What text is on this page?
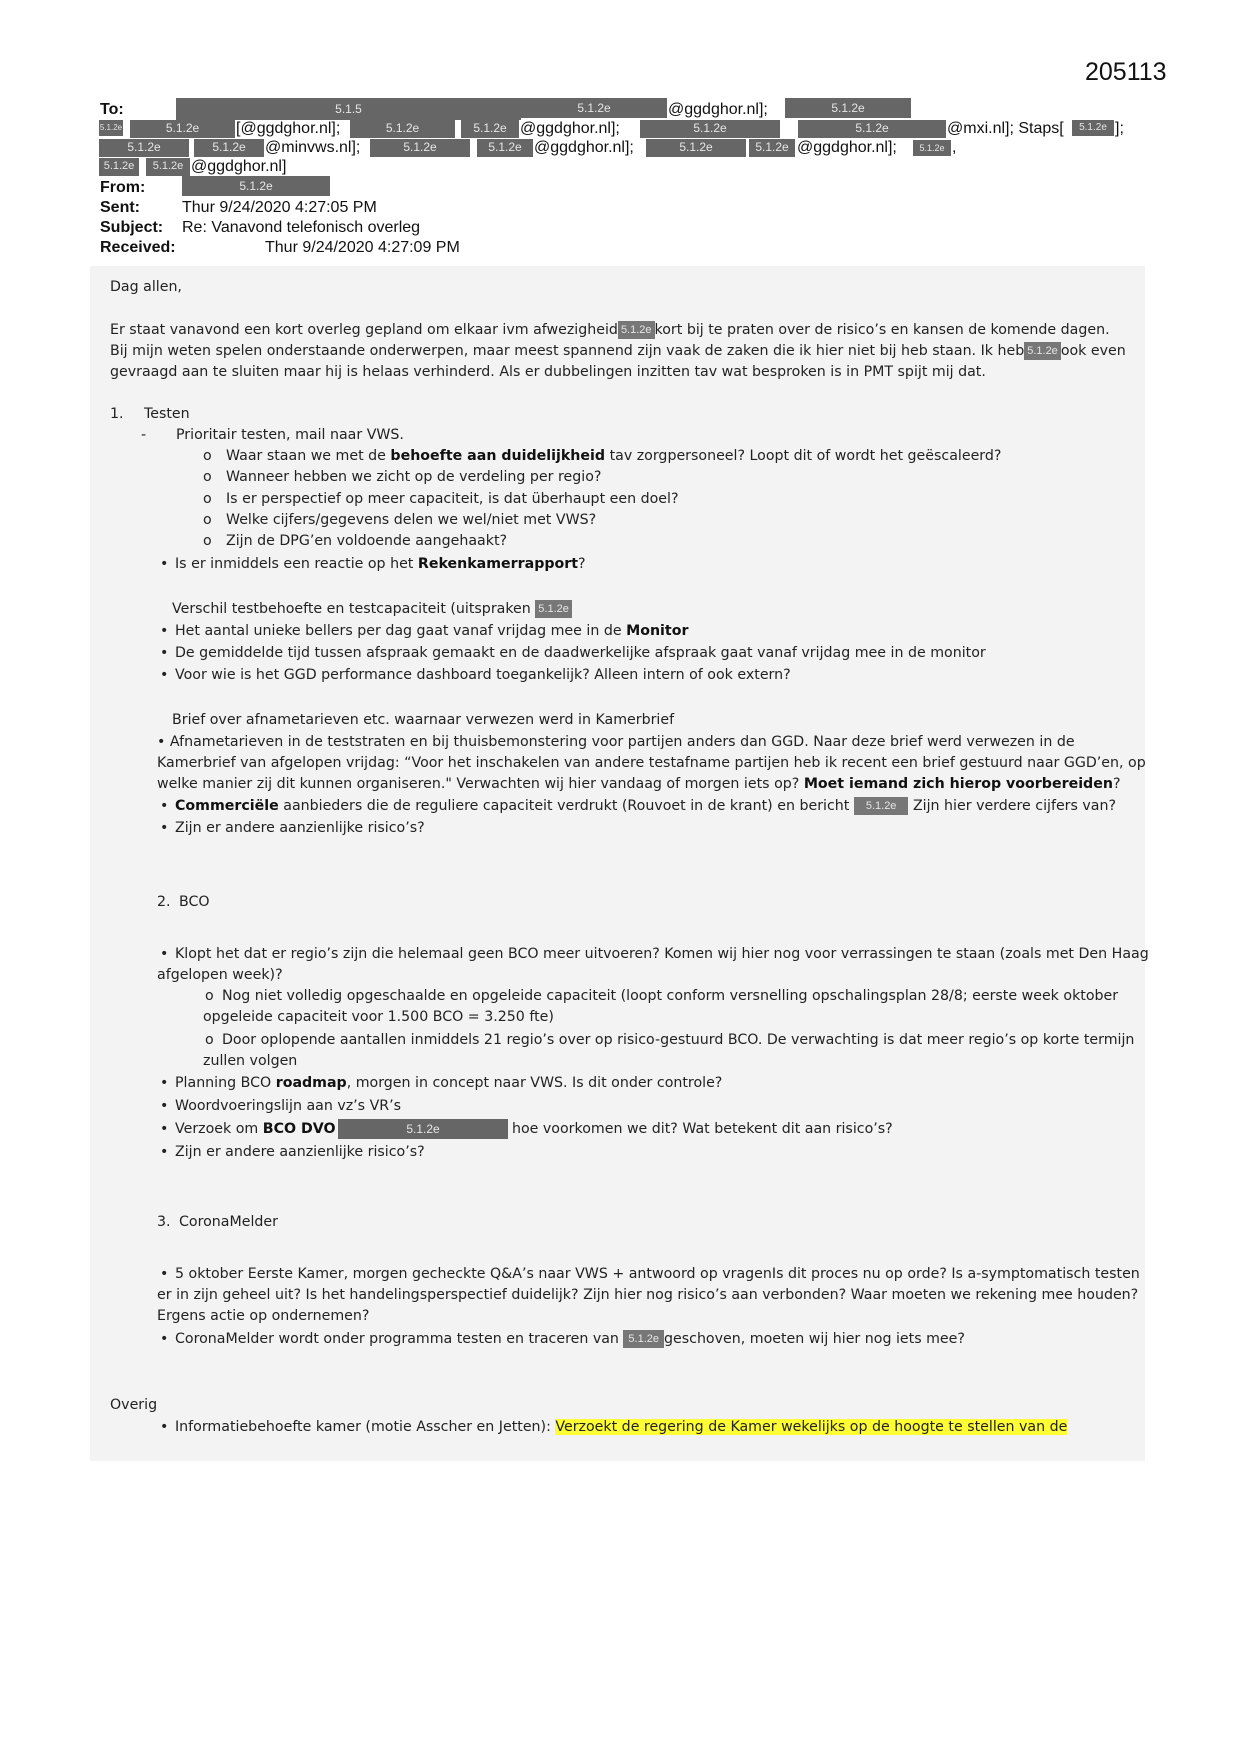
205113
To:	5.1.5	5.1.2e	@ggdghor.nl];	5.1.2e
5.1.2e	5.1.2e	[@ggdghor.nl];	5.1.2e	5.1.2e @ggdghor.nl];	5.1.2e	5.1.2e	@mxi.nl]; Staps[	5.1.2e ];
5.1.2e	5.1.2e	@minvws.nl];	5.1.2e	5.1.2e @ggdghor.nl];	5.1.2e	5.1.2e @ggdghor.nl];	5.1.2e ,
5.1.2e	5.1.2e @ggdghor.nl]
From:	5.1.2e
Sent:	Thur 9/24/2020 4:27:05 PM
Subject: Re: Vanavond telefonisch overleg
Received:	Thur 9/24/2020 4:27:09 PM
Dag allen,
Er staat vanavond een kort overleg gepland om elkaar ivm afwezigheid 5.1.2e kort bij te praten over de risico’s en kansen de komende dagen.
Bij mijn weten spelen onderstaande onderwerpen, maar meest spannend zijn vaak de zaken die ik hier niet bij heb staan. Ik heb 5.1.2e ook even
gevraagd aan te sluiten maar hij is helaas verhinderd. Als er dubbelingen inzitten tav wat besproken is in PMT spijt mij dat.
1. Testen
- Prioritair testen, mail naar VWS.
o Waar staan we met de behoefte aan duidelijkheid tav zorgpersoneel? Loopt dit of wordt het geëscaleerd?
o Wanneer hebben we zicht op de verdeling per regio?
o Is er perspectief op meer capaciteit, is dat überhaupt een doel?
o Welke cijfers/gegevens delen we wel/niet met VWS?
o Zijn de DPG’en voldoende aangehaakt?
• Is er inmiddels een reactie op het Rekenkamerrapport?
Verschil testbehoefte en testcapaciteit (uitspraken 5.1.2e
• Het aantal unieke bellers per dag gaat vanaf vrijdag mee in de Monitor
• De gemiddelde tijd tussen afspraak gemaakt en de daadwerkelijke afspraak gaat vanaf vrijdag mee in de monitor
• Voor wie is het GGD performance dashboard toegankelijk? Alleen intern of ook extern?
Brief over afnametarieven etc. waarnaar verwezen werd in Kamerbrief
• Afnametarieven in de teststraten en bij thuisbemonstering voor partijen anders dan GGD. Naar deze brief werd verwezen in de
Kamerbrief van afgelopen vrijdag: “Voor het inschakelen van andere testafname partijen heb ik recent een brief gestuurd naar GGD’en, op
welke manier zij dit kunnen organiseren." Verwachten wij hier vandaag of morgen iets op? Moet iemand zich hierop voorbereiden?
• Commerciële aanbieders die de reguliere capaciteit verdrukt (Rouvoet in de krant) en bericht 5.1.2e Zijn hier verdere cijfers van?
• Zijn er andere aanzienlijke risico’s?
2. BCO
• Klopt het dat er regio’s zijn die helemaal geen BCO meer uitvoeren? Komen wij hier nog voor verrassingen te staan (zoals met Den Haag
afgelopen week)?
o Nog niet volledig opgeschaalde en opgeleide capaciteit (loopt conform versnelling opschalingsplan 28/8; eerste week oktober
opgeleide capaciteit voor 1.500 BCO = 3.250 fte)
o Door oplopende aantallen inmiddels 21 regio’s over op risico-gestuurd BCO. De verwachting is dat meer regio’s op korte termijn
zullen volgen
• Planning BCO roadmap, morgen in concept naar VWS. Is dit onder controle?
• Woordvoeringslijn aan vz’s VR’s
• Verzoek om BCO DVO	5.1.2e	hoe voorkomen we dit? Wat betekent dit aan risico’s?
• Zijn er andere aanzienlijke risico’s?
3. CoronaMelder
• 5 oktober Eerste Kamer, morgen gecheckte Q&A’s naar VWS + antwoord op vragenIs dit proces nu op orde? Is a-symptomatisch testen
er in zijn geheel uit? Is het handelingsperspectief duidelijk? Zijn hier nog risico’s aan verbonden? Waar moeten we rekening mee houden?
Ergens actie op ondernemen?
• CoronaMelder wordt onder programma testen en traceren van 5.1.2e geschoven, moeten wij hier nog iets mee?
Overig
• Informatiebehoefte kamer (motie Asscher en Jetten): Verzoekt de regering de Kamer wekelijks op de hoogte te stellen van de
